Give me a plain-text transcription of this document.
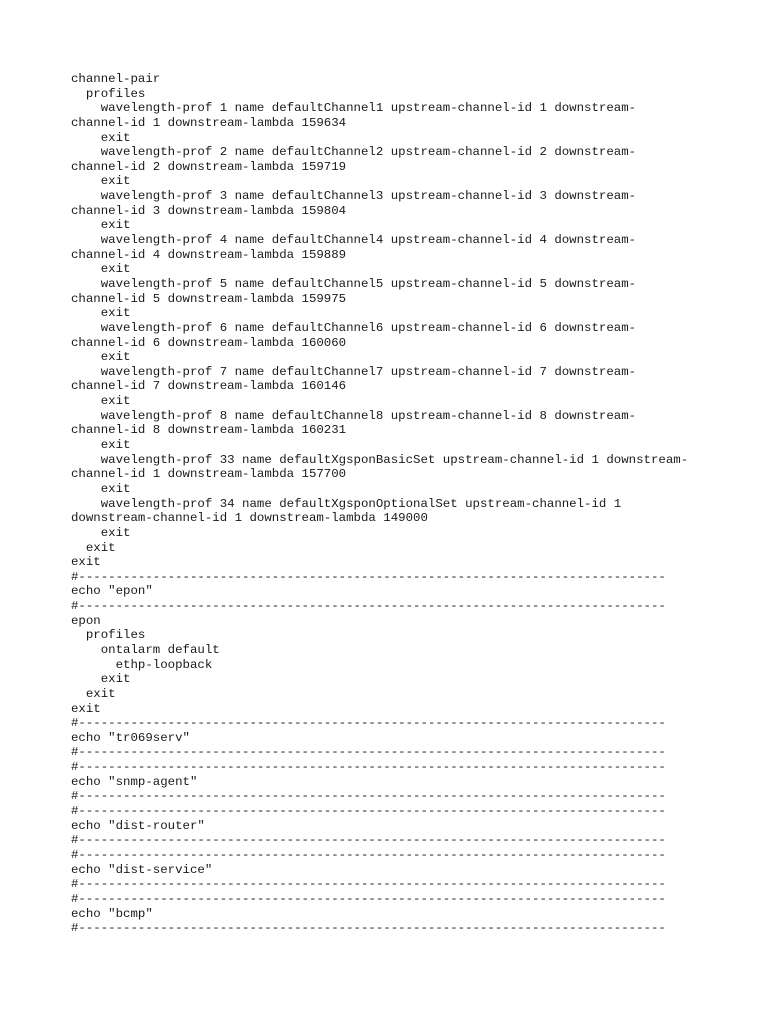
channel-pair
profiles
wavelength-prof 1 name defaultChannel1 upstream-channel-id 1 downstream-
channel-id 1 downstream-lambda 159634
exit
wavelength-prof 2 name defaultChannel2 upstream-channel-id 2 downstream-
channel-id 2 downstream-lambda 159719
exit
wavelength-prof 3 name defaultChannel3 upstream-channel-id 3 downstream-
channel-id 3 downstream-lambda 159804
exit
wavelength-prof 4 name defaultChannel4 upstream-channel-id 4 downstream-
channel-id 4 downstream-lambda 159889
exit
wavelength-prof 5 name defaultChannel5 upstream-channel-id 5 downstream-
channel-id 5 downstream-lambda 159975
exit
wavelength-prof 6 name defaultChannel6 upstream-channel-id 6 downstream-
channel-id 6 downstream-lambda 160060
exit
wavelength-prof 7 name defaultChannel7 upstream-channel-id 7 downstream-
channel-id 7 downstream-lambda 160146
exit
wavelength-prof 8 name defaultChannel8 upstream-channel-id 8 downstream-
channel-id 8 downstream-lambda 160231
exit
wavelength-prof 33 name defaultXgsponBasicSet upstream-channel-id 1 downstream-
channel-id 1 downstream-lambda 157700
exit
wavelength-prof 34 name defaultXgsponOptionalSet upstream-channel-id 1
downstream-channel-id 1 downstream-lambda 149000
exit
exit
exit
#-------------------------------------------------------------------------------
echo "epon"
#-------------------------------------------------------------------------------
epon
profiles
ontalarm default
ethp-loopback
exit
exit
exit
#-------------------------------------------------------------------------------
echo "tr069serv"
#-------------------------------------------------------------------------------
#-------------------------------------------------------------------------------
echo "snmp-agent"
#-------------------------------------------------------------------------------
#-------------------------------------------------------------------------------
echo "dist-router"
#-------------------------------------------------------------------------------
#-------------------------------------------------------------------------------
echo "dist-service"
#-------------------------------------------------------------------------------
#-------------------------------------------------------------------------------
echo "bcmp"
#-------------------------------------------------------------------------------
